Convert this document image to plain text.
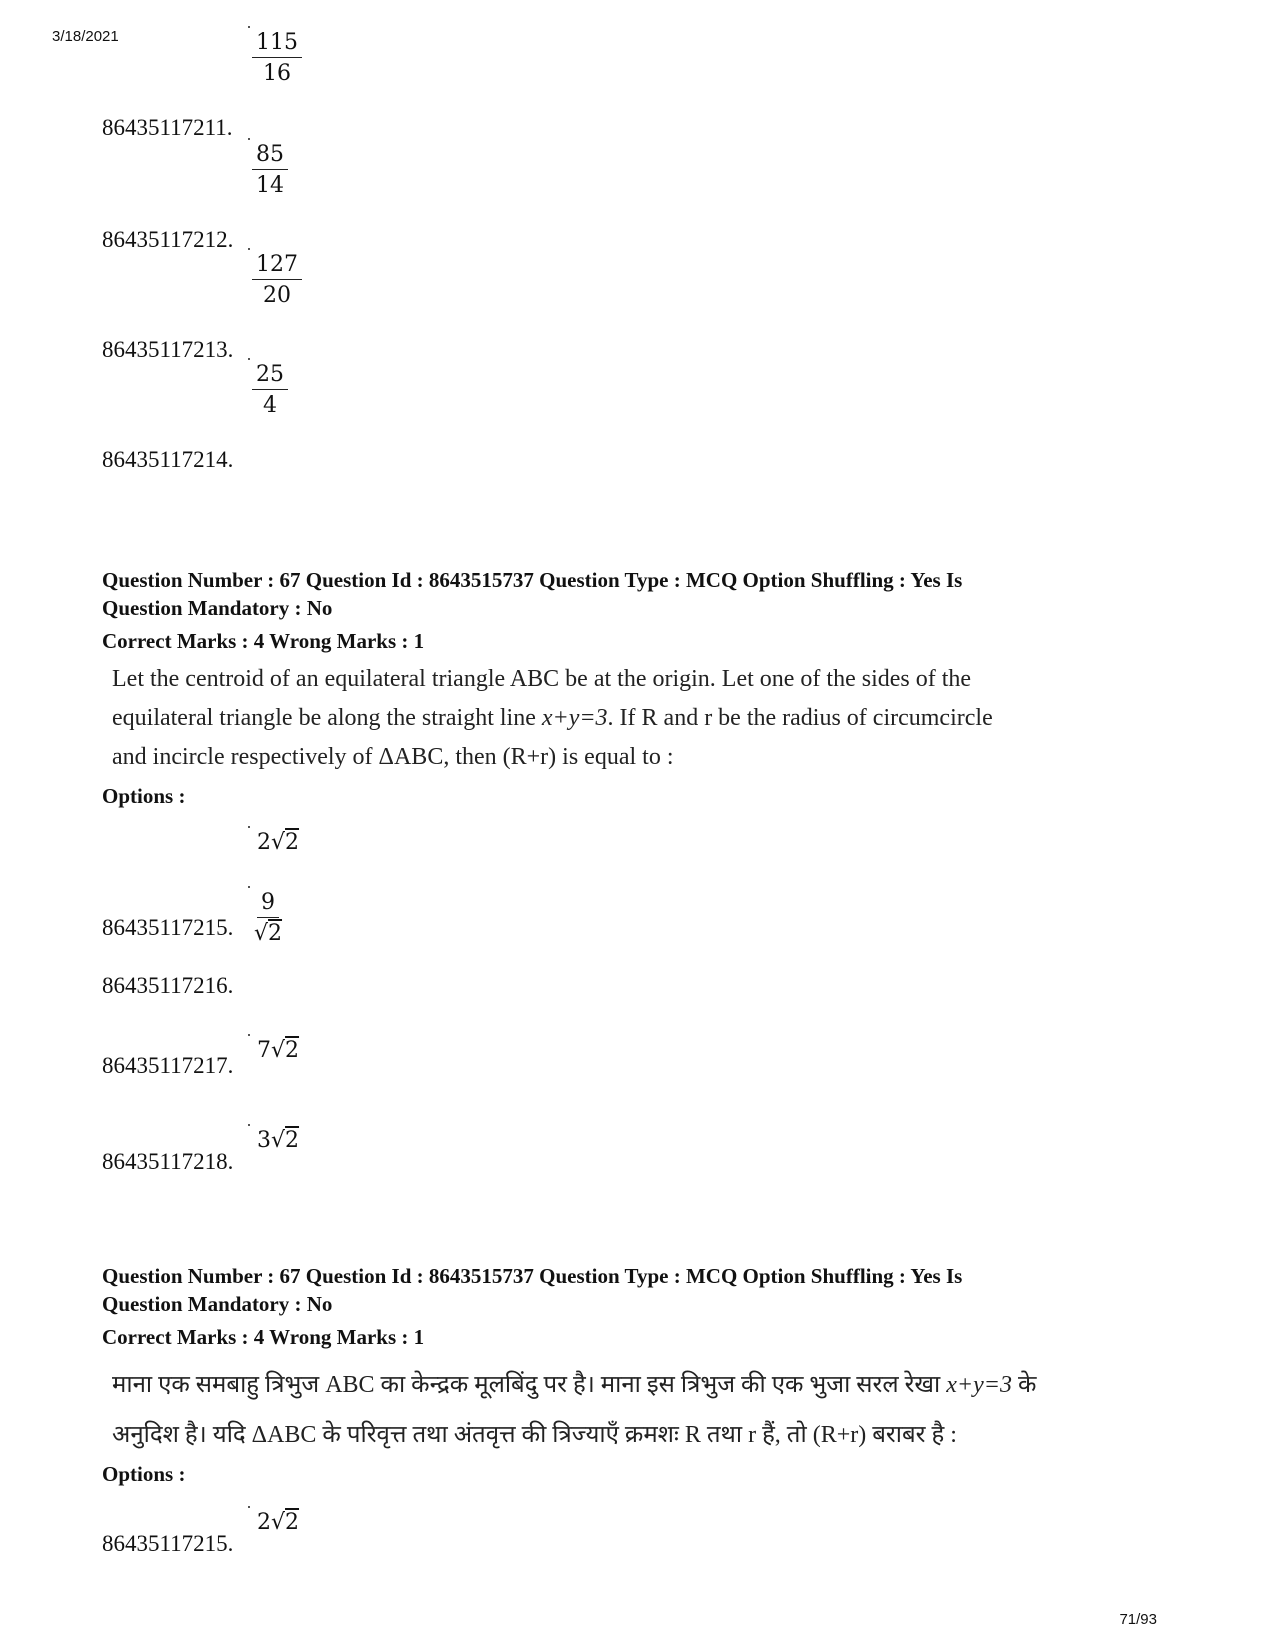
3/18/2021	$\frac{115}{16}$
86435117211.
$\frac{85}{14}$
86435117212.
$\frac{127}{20}$
86435117213.
$\frac{25}{4}$
86435117214.
Question Number : 67 Question Id : 8643515737 Question Type : MCQ Option Shuffling : Yes Is
Question Mandatory : No
Correct Marks : 4 Wrong Marks : 1
Let the centroid of an equilateral triangle ABC be at the origin. Let one of the sides of the
equilateral triangle be along the straight line x+y=3. If R and r be the radius of circumcircle
and incircle respectively of ΔABC, then (R+r) is equal to :
Options :
2√2
86435117215. $\frac{9}{√2}$
86435117216.
7√2
86435117217.
3√2
86435117218.
Question Number : 67 Question Id : 8643515737 Question Type : MCQ Option Shuffling : Yes Is
Question Mandatory : No
Correct Marks : 4 Wrong Marks : 1
माना एक समबाहु त्रिभुज ABC का केन्द्रक मूलबिंदु पर है। माना इस त्रिभुज की एक भुजा सरल रेखा x+y=3 के
अनुदिश है। यदि ΔABC के परिवृत्त तथा अंतवृत्त की त्रिज्याएँ क्रमशः R तथा r हैं, तो (R+r) बराबर है :
Options :
2√2
86435117215.
71/93
